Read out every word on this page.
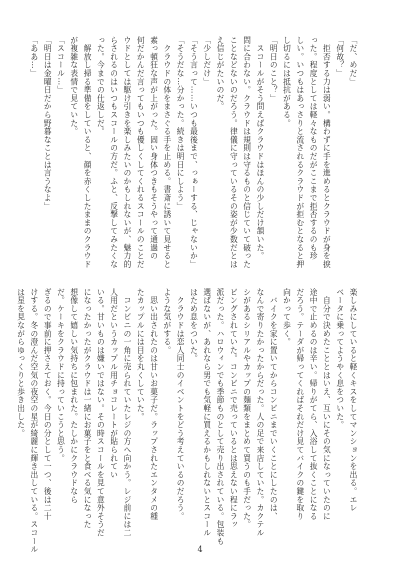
「だ、めだ」
「何故？」
　拒否する力は弱い。構わずに手を進めるとクラウドが身を捩
った。程度としては軽々なものだがここまで拒否するのも珍
しい。いつもはあっさりと流されるクラウドが拒むとなると押
し切るには抵抗がある。
「明日のこと？」
　スコールがそう問えばクラウドはほんの少しだけ頷いた。
問に合わない。クラウドは規則は守るものと信じていて破った
ことなどないのだろう。律儀に守っているその姿が少数だとは
え信じがたいのだ。
「少しだけ」
「そう言って……いつも最後まで、っぁーする、じゃないか」
「そうだな…分かった。続きは明日にしよう」
　クラウドの体をまさぐる手を止める。書斎に誘いて見せると
素っ頓狂な声が上がった。固い身体つきもそうやって通過の
何だかんだ言ってもいつも優しくしてくれるスコールのことだ
ウドとしては駆け引きを楽しみたいのかもしれないが、魅力的
らされるのはいつもスコールの方だ。ふと、反撃してみたくな
った。今までの仕返しだ。
　解放し掃る準備をしていると、顔を赤くしたままのクラウド
が複雑な表情で見ていた。
「スコール…」
「明日は金曜日だから野暮なことは言うなよ」
「ああ…」
楽しみにしていると軽くキスをしてマンションを出る。エレ
ベータに乗ってようやく息をついた。
　自分で決めたこととはいえ、互いにその気になっていたのに
途中で止めるのは辛い。帰りがてら、入浴して抜くことになる
だろう。テーダが帰ってくればそれだけ見てバイクの鍵を取り
向かって歩く。
　バイクを家に置いてからコンビニまでいくことにしたのは、
なんで寄りたかったからだった。人の足で来店していた。カクテル
シがあるシリアルやカップの麺類をまとめて買うのも手だった。
ビングされていた。コンビニで売っているとは思えない程にラッ
派だった。ハロウィンでも季節ものとして売り出されている。包装も
選ばないが、あれなら男でも気軽に買えるかもしれないとスコール
はため息をついた。
　クラウドは恋人同士のイベントをどう考えているのだろう。
ような気がする。
　思い出されたのは甘いお菓子だ。ラップされたエンタメの種
たカップルには目を丸くしていた。
　コンビニの一角に売られていたレジの方へ向かう。レジ前には二
人用だというカップル用チョコレートが貼られてい
いる。甘いものは嫌いではない。その時スコールを見て意外そうだ
になったかったがクラウドは一緒にお菓子をと食べる気になった
想像して嬉しい気持ちに包まれた。たしかにクラウドなら
だ。ケーキをクラウドに持っていこうと思う。
ぎるので事前に押さえておく。今日の分として一つ、後は二十
けする。冬の澄んだ空気の夜空の星が綺麗に輝き出している。スコール
は星を見ながらゆっくりと歩き出した。
4
